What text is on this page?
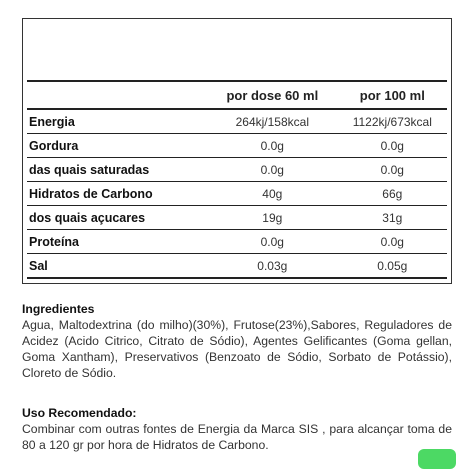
	por dose 60 ml	por 100 ml
Energia	264kj/158kcal	1122kj/673kcal
Gordura	0.0g	0.0g
das quais saturadas	0.0g	0.0g
Hidratos de Carbono	40g	66g
dos quais açucares	19g	31g
Proteína	0.0g	0.0g
Sal	0.03g	0.05g
Ingredientes
Agua, Maltodextrina (do milho)(30%), Frutose(23%),Sabores, Reguladores de Acidez (Acido Citrico, Citrato de Sódio), Agentes Gelificantes (Goma gellan, Goma Xantham), Preservativos (Benzoato de Sódio, Sorbato de Potássio), Cloreto de Sódio.
Uso Recomendado:
Combinar com outras fontes de Energia da Marca SIS , para alcançar toma de 80 a 120 gr por hora de Hidratos de Carbono.
